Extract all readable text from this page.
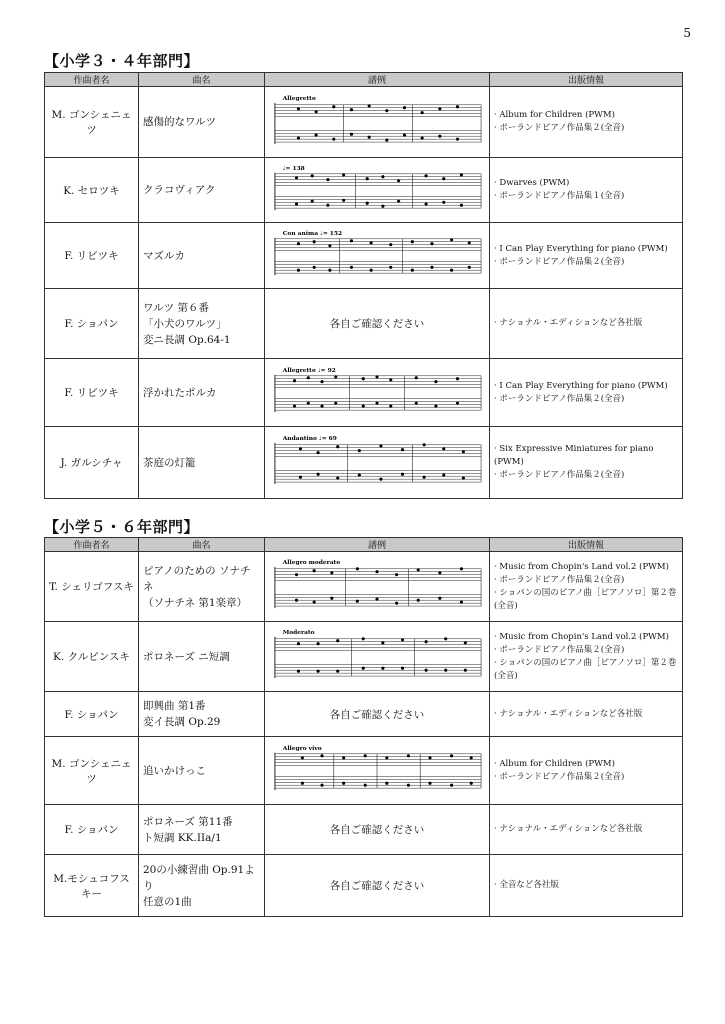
5
【小学３・４年部門】
作曲者名	曲名	譜例	出版情報
M. ゴンシェニェツ	感傷的なワルツ	Allegretto	· Album for Children (PWM)
· ポーランドピアノ作品集２(全音)

K. セロツキ	クラコヴィアク	♩= 138	· Dwarves (PWM)
· ポーランドピアノ作品集１(全音)

F. リビツキ	マズルカ	Con anima ♩= 152	· I Can Play Everything for piano (PWM)
· ポーランドピアノ作品集２(全音)

F. ショパン	ワルツ 第６番
「小犬のワルツ」
変ニ長調 Op.64-1	各自ご確認ください	· ナショナル・エディションなど各社版

F. リビツキ	浮かれたポルカ	Allegretto ♩= 92	· I Can Play Everything for piano (PWM)
· ポーランドピアノ作品集２(全音)

J. ガルシチャ	茶庭の灯籠	Andantino ♩= 69	· Six Expressive Miniatures for piano
(PWM)
· ポーランドピアノ作品集２(全音)
【小学５・６年部門】
作曲者名	曲名	譜例	出版情報
T. シェリゴフスキ	ピアノのための ソナチネ
（ソナチネ 第1楽章）	Allegro moderato	· Music from Chopin's Land vol.2 (PWM)
· ポーランドピアノ作品集２(全音)
· ショパンの国のピアノ曲［ピアノソロ］第２巻
(全音)

K. クルピンスキ	ポロネーズ ニ短調	Moderato	· Music from Chopin's Land vol.2 (PWM)
· ポーランドピアノ作品集２(全音)
· ショパンの国のピアノ曲［ピアノソロ］第２巻
(全音)

F. ショパン	即興曲 第1番
変イ長調 Op.29	各自ご確認ください	· ナショナル・エディションなど各社版

M. ゴンシェニェツ	追いかけっこ	Allegro vivo	· Album for Children (PWM)
· ポーランドピアノ作品集２(全音)

F. ショパン	ポロネーズ 第11番
ト短調 KK.IIa/1	各自ご確認ください	· ナショナル・エディションなど各社版

M.モシュコフスキー	20の小練習曲 Op.91より
任意の1曲	各自ご確認ください	· 全音など各社版
